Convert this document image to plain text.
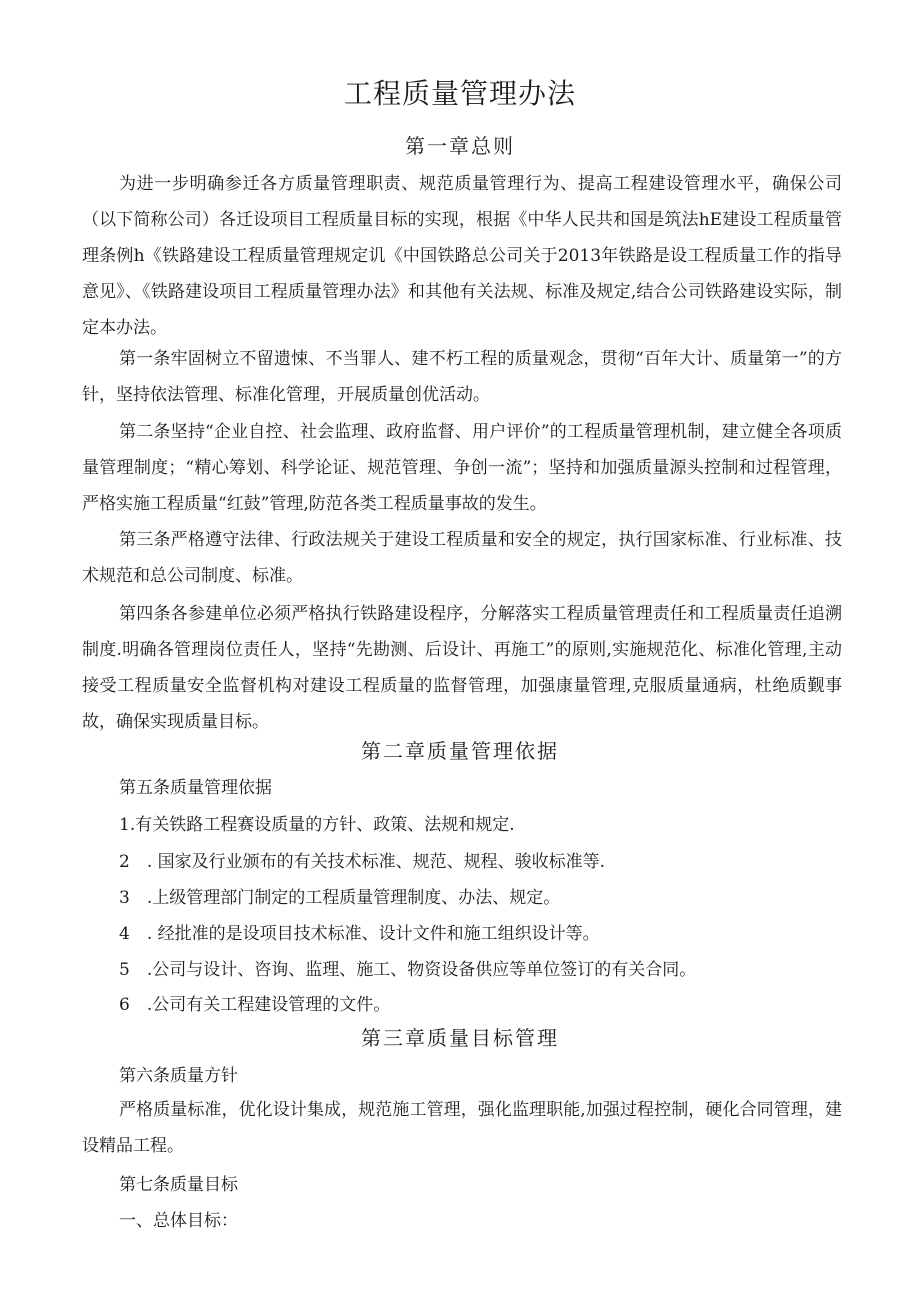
工程质量管理办法
第一章总则

为进一步明确参迁各方质量管理职责、规范质量管理行为、提高工程建设管理水平，确保公司（以下简称公司）各迁设项目工程质量目标的实现，根据《中华人民共和国是筑法hE建设工程质量管理条例h《铁路建设工程质量管理规定讥《中国铁路总公司关于2013年铁路是设工程质量工作的指导意见》、《铁路建设项目工程质量管理办法》和其他有关法规、标准及规定,结合公司铁路建设实际，制定本办法。

第一条牢固树立不留遗悚、不当罪人、建不朽工程的质量观念，贯彻“百年大计、质量第一”的方针，坚持依法管理、标准化管理，开展质量创优活动。

第二条坚持“企业自控、社会监理、政府监督、用户评价”的工程质量管理机制，建立健全各项质量管理制度；“精心筹划、科学论证、规范管理、争创一流”；坚持和加强质量源头控制和过程管理，严格实施工程质量“红鼓”管理,防范各类工程质量事故的发生。

第三条严格遵守法律、行政法规关于建设工程质量和安全的规定，执行国家标准、行业标准、技术规范和总公司制度、标准。

第四条各参建单位必须严格执行铁路建设程序，分解落实工程质量管理责任和工程质量责任追溯制度.明确各管理岗位责任人，坚持“先勘测、后设计、再施工”的原则,实施规范化、标准化管理,主动接受工程质量安全监督机构对建设工程质量的监督管理，加强康量管理,克服质量通病，杜绝质觐事故，确保实现质量目标。

第二章质量管理依据

第五条质量管理依据

1.有关铁路工程赛设质量的方针、政策、法规和规定.

2　. 国家及行业颁布的有关技术标准、规范、规程、骏收标准等.

3　.上级管理部门制定的工程质量管理制度、办法、规定。

4　. 经批准的是设项目技术标准、设计文件和施工组织设计等。

5　.公司与设计、咨询、监理、施工、物资设备供应等单位签订的有关合同。

6　.公司有关工程建设管理的文件。

第三章质量目标管理

第六条质量方针

严格质量标准，优化设计集成，规范施工管理，强化监理职能,加强过程控制，硬化合同管理，建设精品工程。

第七条质量目标

一、总体目标：
